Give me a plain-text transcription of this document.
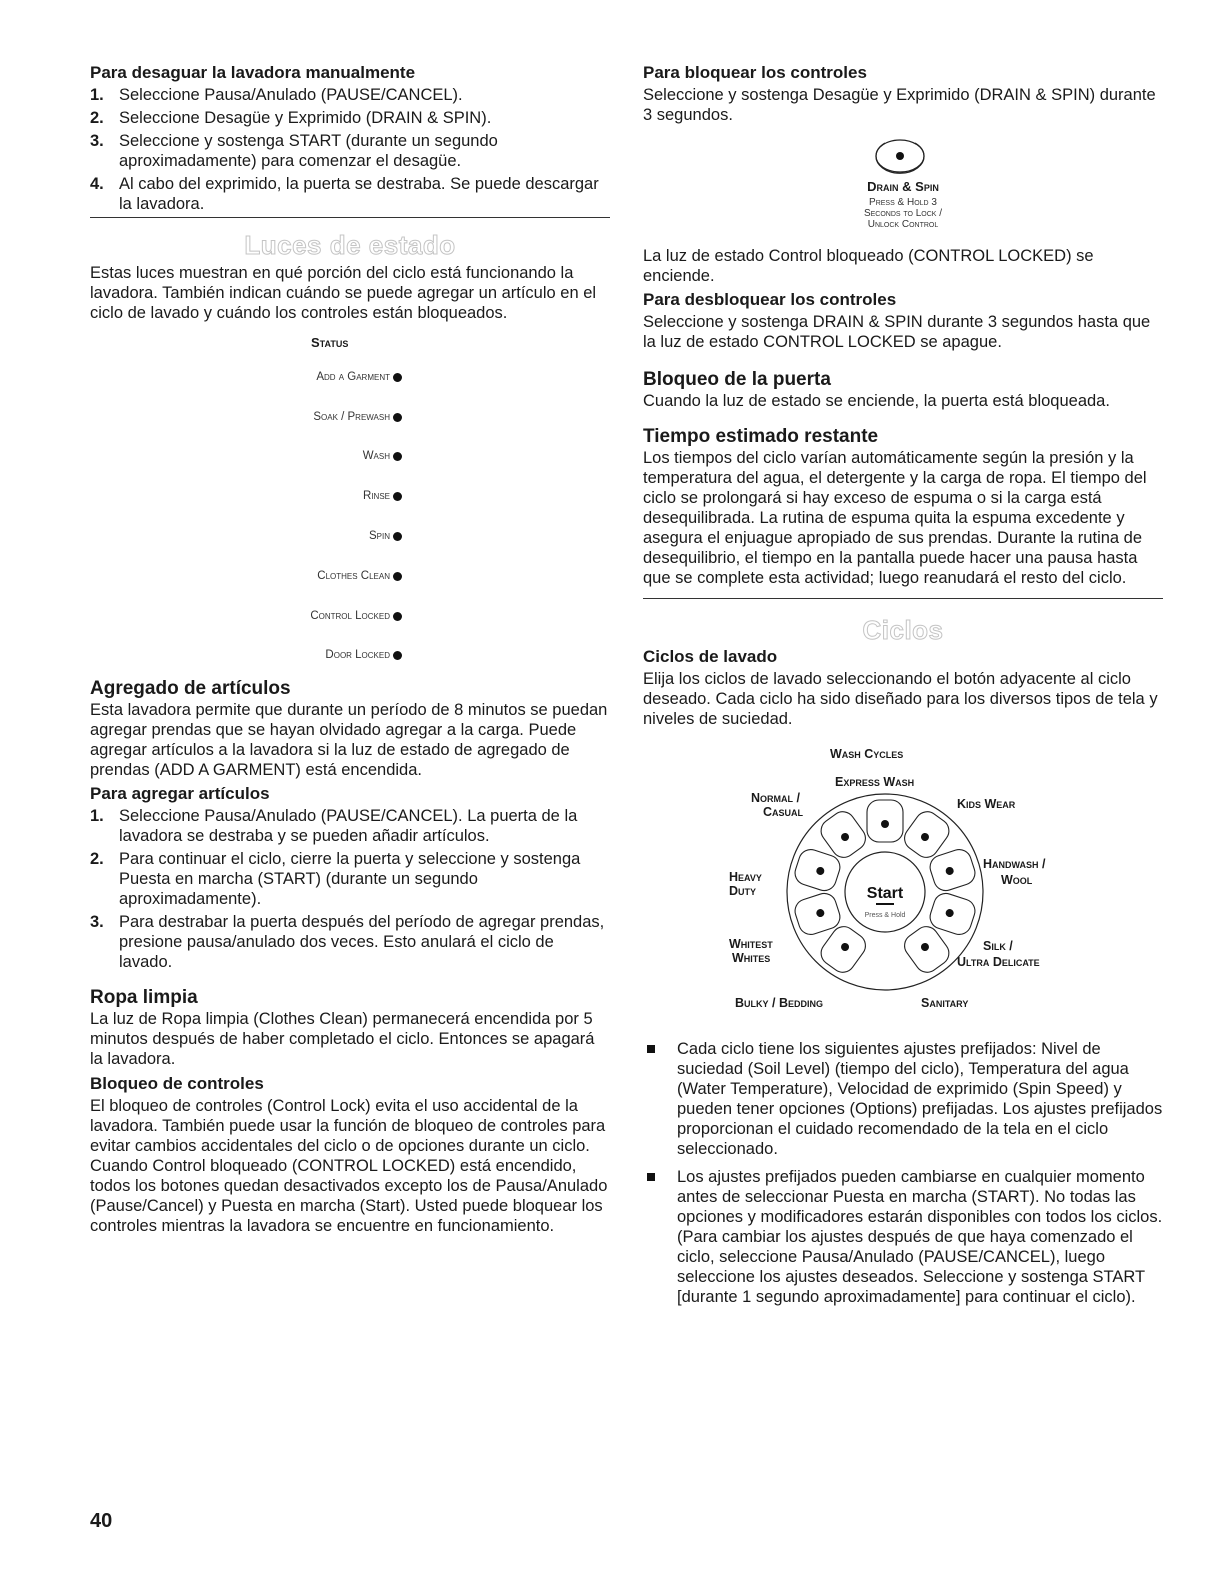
Para desaguar la lavadora manualmente

1. Seleccione Pausa/Anulado (PAUSE/CANCEL).
2. Seleccione Desagüe y Exprimido (DRAIN & SPIN).
3. Seleccione y sostenga START (durante un segundo aproximadamente) para comenzar el desagüe.
4. Al cabo del exprimido, la puerta se destraba. Se puede descargar la lavadora.

Luces de estado

Estas luces muestran en qué porción del ciclo está funcionando la lavadora. También indican cuándo se puede agregar un artículo en el ciclo de lavado y cuándo los controles están bloqueados.

Status
Add a Garment
Soak / Prewash
Wash
Rinse
Spin
Clothes Clean
Control Locked
Door Locked

Agregado de artículos

Esta lavadora permite que durante un período de 8 minutos se puedan agregar prendas que se hayan olvidado agregar a la carga. Puede agregar artículos a la lavadora si la luz de estado de agregado de prendas (ADD A GARMENT) está encendida.

Para agregar artículos

1. Seleccione Pausa/Anulado (PAUSE/CANCEL). La puerta de la lavadora se destraba y se pueden añadir artículos.
2. Para continuar el ciclo, cierre la puerta y seleccione y sostenga Puesta en marcha (START) (durante un segundo aproximadamente).
3. Para destrabar la puerta después del período de agregar prendas, presione pausa/anulado dos veces. Esto anulará el ciclo de lavado.

Ropa limpia

La luz de Ropa limpia (Clothes Clean) permanecerá encendida por 5 minutos después de haber completado el ciclo. Entonces se apagará la lavadora.

Bloqueo de controles

El bloqueo de controles (Control Lock) evita el uso accidental de la lavadora. También puede usar la función de bloqueo de controles para evitar cambios accidentales del ciclo o de opciones durante un ciclo. Cuando Control bloqueado (CONTROL LOCKED) está encendido, todos los botones quedan desactivados excepto los de Pausa/Anulado (Pause/Cancel) y Puesta en marcha (Start). Usted puede bloquear los controles mientras la lavadora se encuentre en funcionamiento.

Para bloquear los controles

Seleccione y sostenga Desagüe y Exprimido (DRAIN & SPIN) durante 3 segundos.

Drain & Spin
Press & Hold 3
Seconds to Lock /
Unlock Control

La luz de estado Control bloqueado (CONTROL LOCKED) se enciende.

Para desbloquear los controles

Seleccione y sostenga DRAIN & SPIN durante 3 segundos hasta que la luz de estado CONTROL LOCKED se apague.

Bloqueo de la puerta

Cuando la luz de estado se enciende, la puerta está bloqueada.

Tiempo estimado restante

Los tiempos del ciclo varían automáticamente según la presión y la temperatura del agua, el detergente y la carga de ropa. El tiempo del ciclo se prolongará si hay exceso de espuma o si la carga está desequilibrada. La rutina de espuma quita la espuma excedente y asegura el enjuague apropiado de sus prendas. Durante la rutina de desequilibrio, el tiempo en la pantalla puede hacer una pausa hasta que se complete esta actividad; luego reanudará el resto del ciclo.

Ciclos

Ciclos de lavado

Elija los ciclos de lavado seleccionando el botón adyacente al ciclo deseado. Cada ciclo ha sido diseñado para los diversos tipos de tela y niveles de suciedad.

Wash Cycles
Express Wash
Normal /
Casual
Kids Wear
Heavy
Duty
Handwash /
Wool
Whitest
Whites
Silk /
Ultra Delicate
Bulky / Bedding	Sanitary
Start
Press & Hold
Cada ciclo tiene los siguientes ajustes prefijados: Nivel de suciedad (Soil Level) (tiempo del ciclo), Temperatura del agua (Water Temperature), Velocidad de exprimido (Spin Speed) y pueden tener opciones (Options) prefijadas. Los ajustes prefijados proporcionan el cuidado recomendado de la tela en el ciclo seleccionado.
Los ajustes prefijados pueden cambiarse en cualquier momento antes de seleccionar Puesta en marcha (START). No todas las opciones y modificadores estarán disponibles con todos los ciclos. (Para cambiar los ajustes después de que haya comenzado el ciclo, seleccione Pausa/Anulado (PAUSE/CANCEL), luego seleccione los ajustes deseados. Seleccione y sostenga START [durante 1 segundo aproximadamente] para continuar el ciclo).
40
